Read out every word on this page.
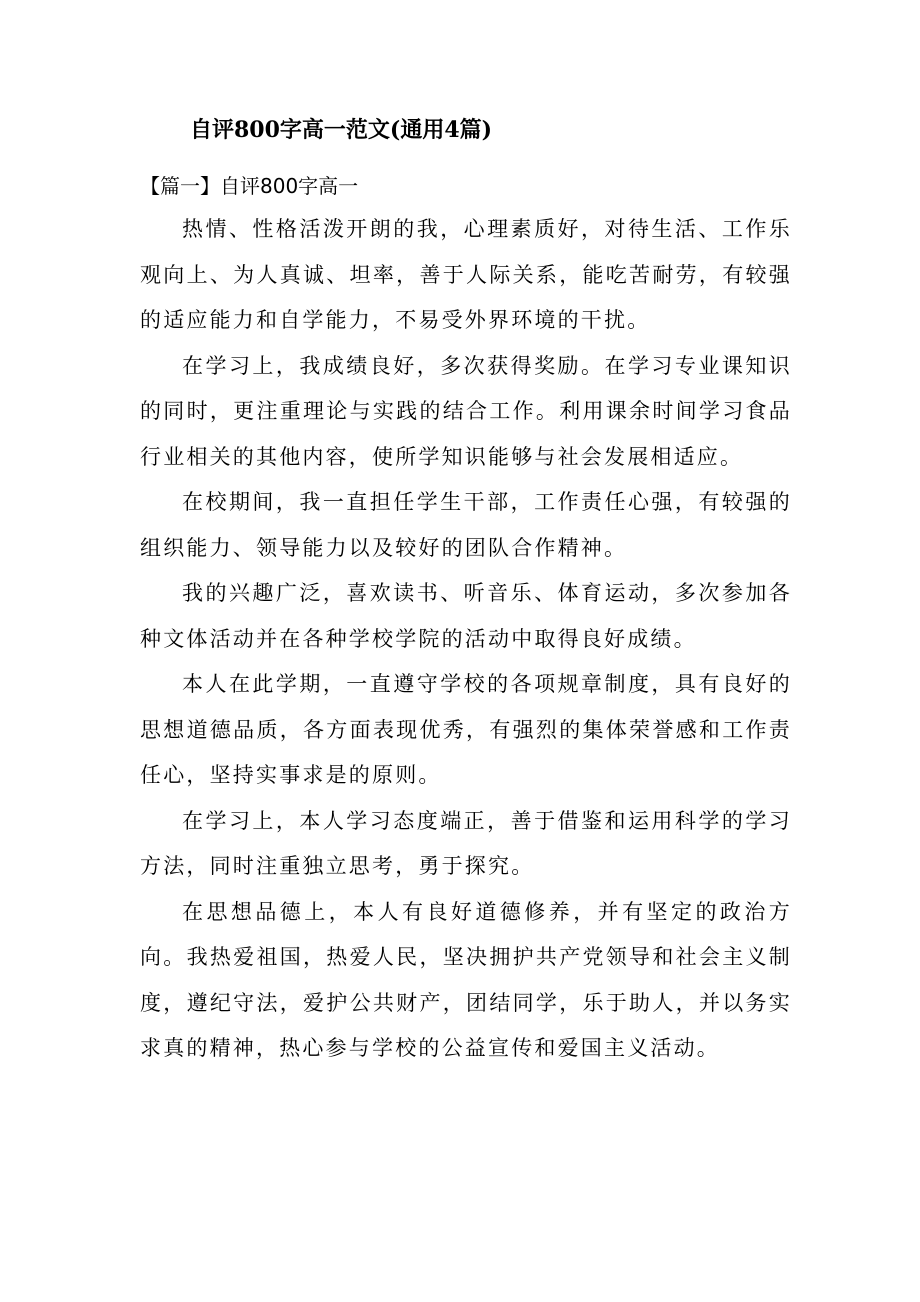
自评800字高一范文(通用4篇)
【篇一】自评800字高一

热情、性格活泼开朗的我，心理素质好，对待生活、工作乐观向上、为人真诚、坦率，善于人际关系，能吃苦耐劳，有较强的适应能力和自学能力，不易受外界环境的干扰。

在学习上，我成绩良好，多次获得奖励。在学习专业课知识的同时，更注重理论与实践的结合工作。利用课余时间学习食品行业相关的其他内容，使所学知识能够与社会发展相适应。

在校期间，我一直担任学生干部，工作责任心强，有较强的组织能力、领导能力以及较好的团队合作精神。

我的兴趣广泛，喜欢读书、听音乐、体育运动，多次参加各种文体活动并在各种学校学院的活动中取得良好成绩。

本人在此学期，一直遵守学校的各项规章制度，具有良好的思想道德品质，各方面表现优秀，有强烈的集体荣誉感和工作责任心，坚持实事求是的原则。

在学习上，本人学习态度端正，善于借鉴和运用科学的学习方法，同时注重独立思考，勇于探究。

在思想品德上，本人有良好道德修养，并有坚定的政治方向。我热爱祖国，热爱人民，坚决拥护共产党领导和社会主义制度，遵纪守法，爱护公共财产，团结同学，乐于助人，并以务实求真的精神，热心参与学校的公益宣传和爱国主义活动。
